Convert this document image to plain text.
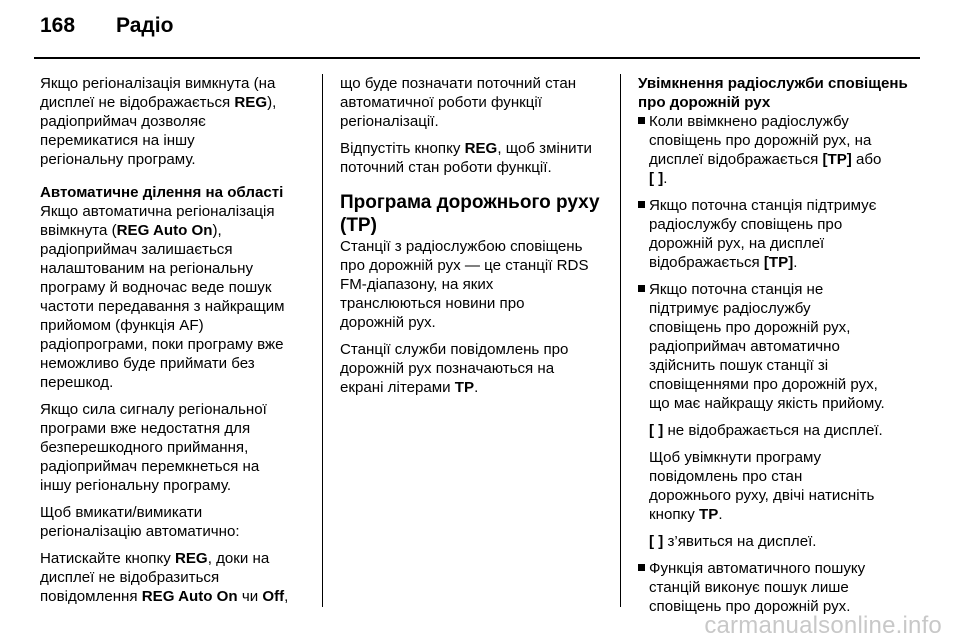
168	Радіо

Якщо регіоналізація вимкнута (на
дисплеї не відображається REG),
радіоприймач дозволяє
перемикатися на іншу
регіональну програму.

Автоматичне ділення на області

Якщо автоматична регіоналізація
ввімкнута (REG Auto On),
радіоприймач залишається
налаштованим на регіональну
програму й водночас веде пошук
частоти передавання з найкращим
прийомом (функція AF)
радіопрограми, поки програму вже
неможливо буде приймати без
перешкод.

Якщо сила сигналу регіональної
програми вже недостатня для
безперешкодного приймання,
радіоприймач перемкнеться на
іншу регіональну програму.

Щоб вмикати/вимикати
регіоналізацію автоматично:

Натискайте кнопку REG, доки на
дисплеї не відобразиться
повідомлення REG Auto On чи Off,

що буде позначати поточний стан
автоматичної роботи функції
регіоналізації.

Відпустіть кнопку REG, щоб змінити
поточний стан роботи функції.

Програма дорожнього руху
(TP)

Станції з радіослужбою сповіщень
про дорожній рух — це станції RDS
FM-діапазону, на яких
транслюються новини про
дорожній рух.

Станції служби повідомлень про
дорожній рух позначаються на
екрані літерами TP.

Увімкнення радіослужби сповіщень
про дорожній рух
Коли ввімкнено радіослужбу
сповіщень про дорожній рух, на
дисплеї відображається [TP] або
[ ].
Якщо поточна станція підтримує
радіослужбу сповіщень про
дорожній рух, на дисплеї
відображається [TP].
Якщо поточна станція не
підтримує радіослужбу
сповіщень про дорожній рух,
радіоприймач автоматично
здійснить пошук станції зі
сповіщеннями про дорожній рух,
що має найкращу якість прийому.
[ ] не відображається на дисплеї.
Щоб увімкнути програму
повідомлень про стан
дорожнього руху, двічі натисніть
кнопку TP.
[ ] з’явиться на дисплеї.
Функція автоматичного пошуку
станцій виконує пошук лише
сповіщень про дорожній рух.
carmanualsonline.info
